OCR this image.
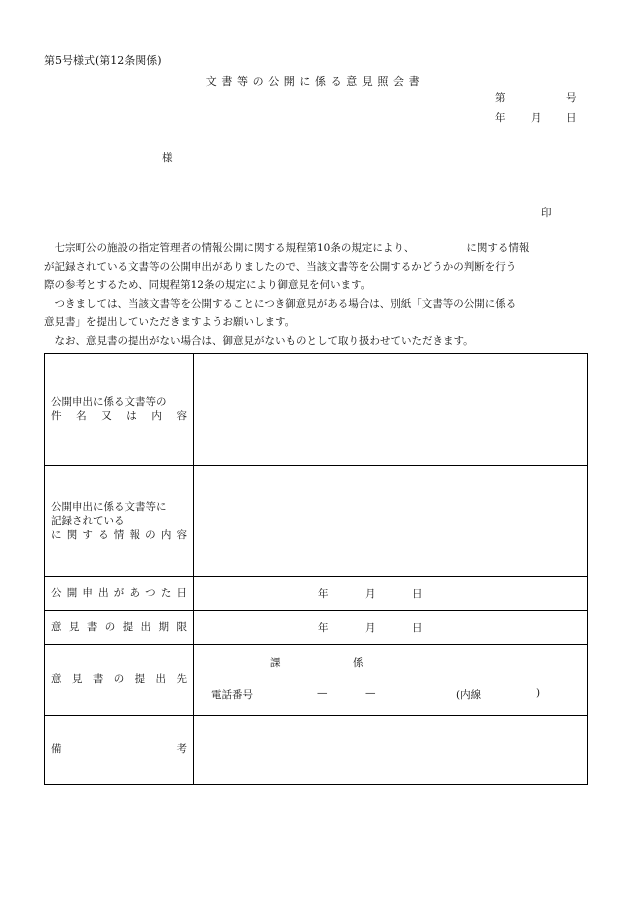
第5号様式(第12条関係)
文書等の公開に係る意見照会書
第	号
年 月 日
様
印
　七宗町公の施設の指定管理者の情報公開に関する規程第10条の規定により、	に関する情報
が記録されている文書等の公開申出がありましたので、当該文書等を公開するかどうかの判断を行う
際の参考とするため、同規程第12条の規定により御意見を伺います。
　つきましては、当該文書等を公開することにつき御意見がある場合は、別紙「文書等の公開に係る
意見書」を提出していただきますようお願いします。
　なお、意見書の提出がない場合は、御意見がないものとして取り扱わせていただきます。
公開申出に係る文書等の
件 名 又 は 内 容
公開申出に係る文書等に
記録されている
に 関 す る 情 報 の 内 容
公 開 申 出 が あ つ た 日	年	月	日
意 見 書 の 提 出 期 限	年	月	日
意 見 書 の 提 出 先
課	係
電話番号	—	—	(内線	)
備	考
